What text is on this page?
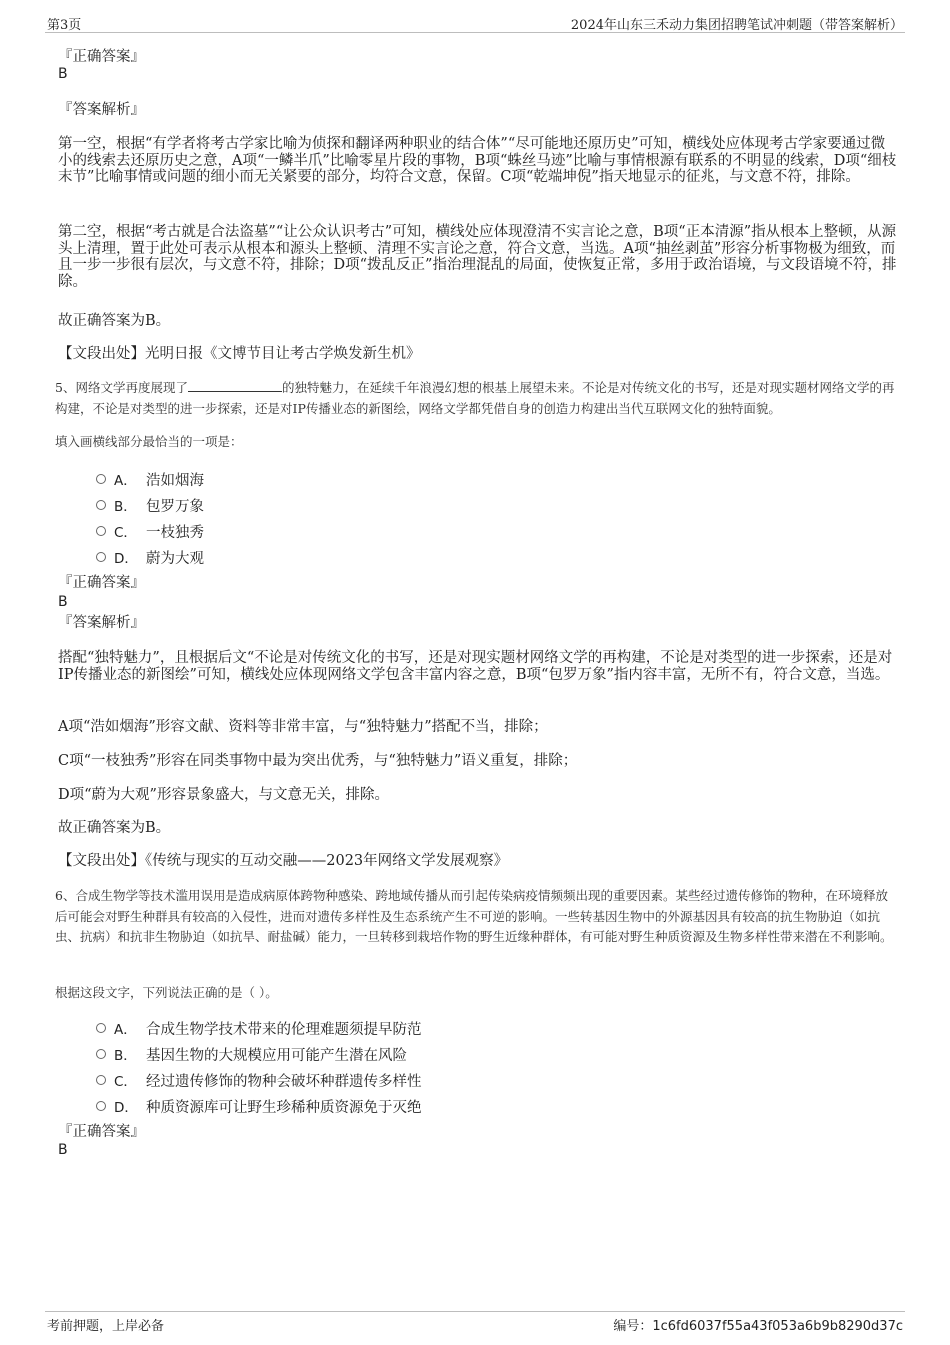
第3页	2024年山东三禾动力集团招聘笔试冲刺题（带答案解析）
『正确答案』
B
『答案解析』
第一空，根据“有学者将考古学家比喻为侦探和翻译两种职业的结合体”“尽可能地还原历史”可知，横线处应体现考古学家要通过微小的线索去还原历史之意，A项“一鳞半爪”比喻零星片段的事物，B项“蛛丝马迹”比喻与事情根源有联系的不明显的线索，D项“细枝末节”比喻事情或问题的细小而无关紧要的部分，均符合文意，保留。C项“乾端坤倪”指天地显示的征兆，与文意不符，排除。
第二空，根据“考古就是合法盗墓”“让公众认识考古”可知，横线处应体现澄清不实言论之意，B项“正本清源”指从根本上整顿，从源头上清理，置于此处可表示从根本和源头上整顿、清理不实言论之意，符合文意，当选。A项“抽丝剥茧”形容分析事物极为细致，而且一步一步很有层次，与文意不符，排除；D项“拨乱反正”指治理混乱的局面，使恢复正常，多用于政治语境，与文段语境不符，排除。
故正确答案为B。
【文段出处】光明日报《文博节目让考古学焕发新生机》
5、网络文学再度展现了	的独特魅力，在延续千年浪漫幻想的根基上展望未来。不论是对传统文化的书写，还是对现实题材网络文学的再构建，不论是对类型的进一步探索，还是对IP传播业态的新图绘，网络文学都凭借自身的创造力构建出当代互联网文化的独特面貌。
填入画横线部分最恰当的一项是：
A． 浩如烟海
B． 包罗万象
C． 一枝独秀
D． 蔚为大观
『正确答案』
B
『答案解析』
搭配“独特魅力”，且根据后文“不论是对传统文化的书写，还是对现实题材网络文学的再构建，不论是对类型的进一步探索，还是对IP传播业态的新图绘”可知，横线处应体现网络文学包含丰富内容之意，B项“包罗万象”指内容丰富，无所不有，符合文意，当选。
A项“浩如烟海”形容文献、资料等非常丰富，与“独特魅力”搭配不当，排除；
C项“一枝独秀”形容在同类事物中最为突出优秀，与“独特魅力”语义重复，排除；
D项“蔚为大观”形容景象盛大，与文意无关，排除。
故正确答案为B。
【文段出处】《传统与现实的互动交融——2023年网络文学发展观察》
6、合成生物学等技术滥用误用是造成病原体跨物种感染、跨地域传播从而引起传染病疫情频频出现的重要因素。某些经过遗传修饰的物种，在环境释放后可能会对野生种群具有较高的入侵性，进而对遗传多样性及生态系统产生不可逆的影响。一些转基因生物中的外源基因具有较高的抗生物胁迫（如抗虫、抗病）和抗非生物胁迫（如抗旱、耐盐碱）能力，一旦转移到栽培作物的野生近缘种群体，有可能对野生种质资源及生物多样性带来潜在不利影响。
根据这段文字，下列说法正确的是（ ）。
A． 合成生物学技术带来的伦理难题须提早防范
B． 基因生物的大规模应用可能产生潜在风险
C． 经过遗传修饰的物种会破坏种群遗传多样性
D． 种质资源库可让野生珍稀种质资源免于灭绝
『正确答案』
B
考前押题，上岸必备	编号：1c6fd6037f55a43f053a6b9b8290d37c
